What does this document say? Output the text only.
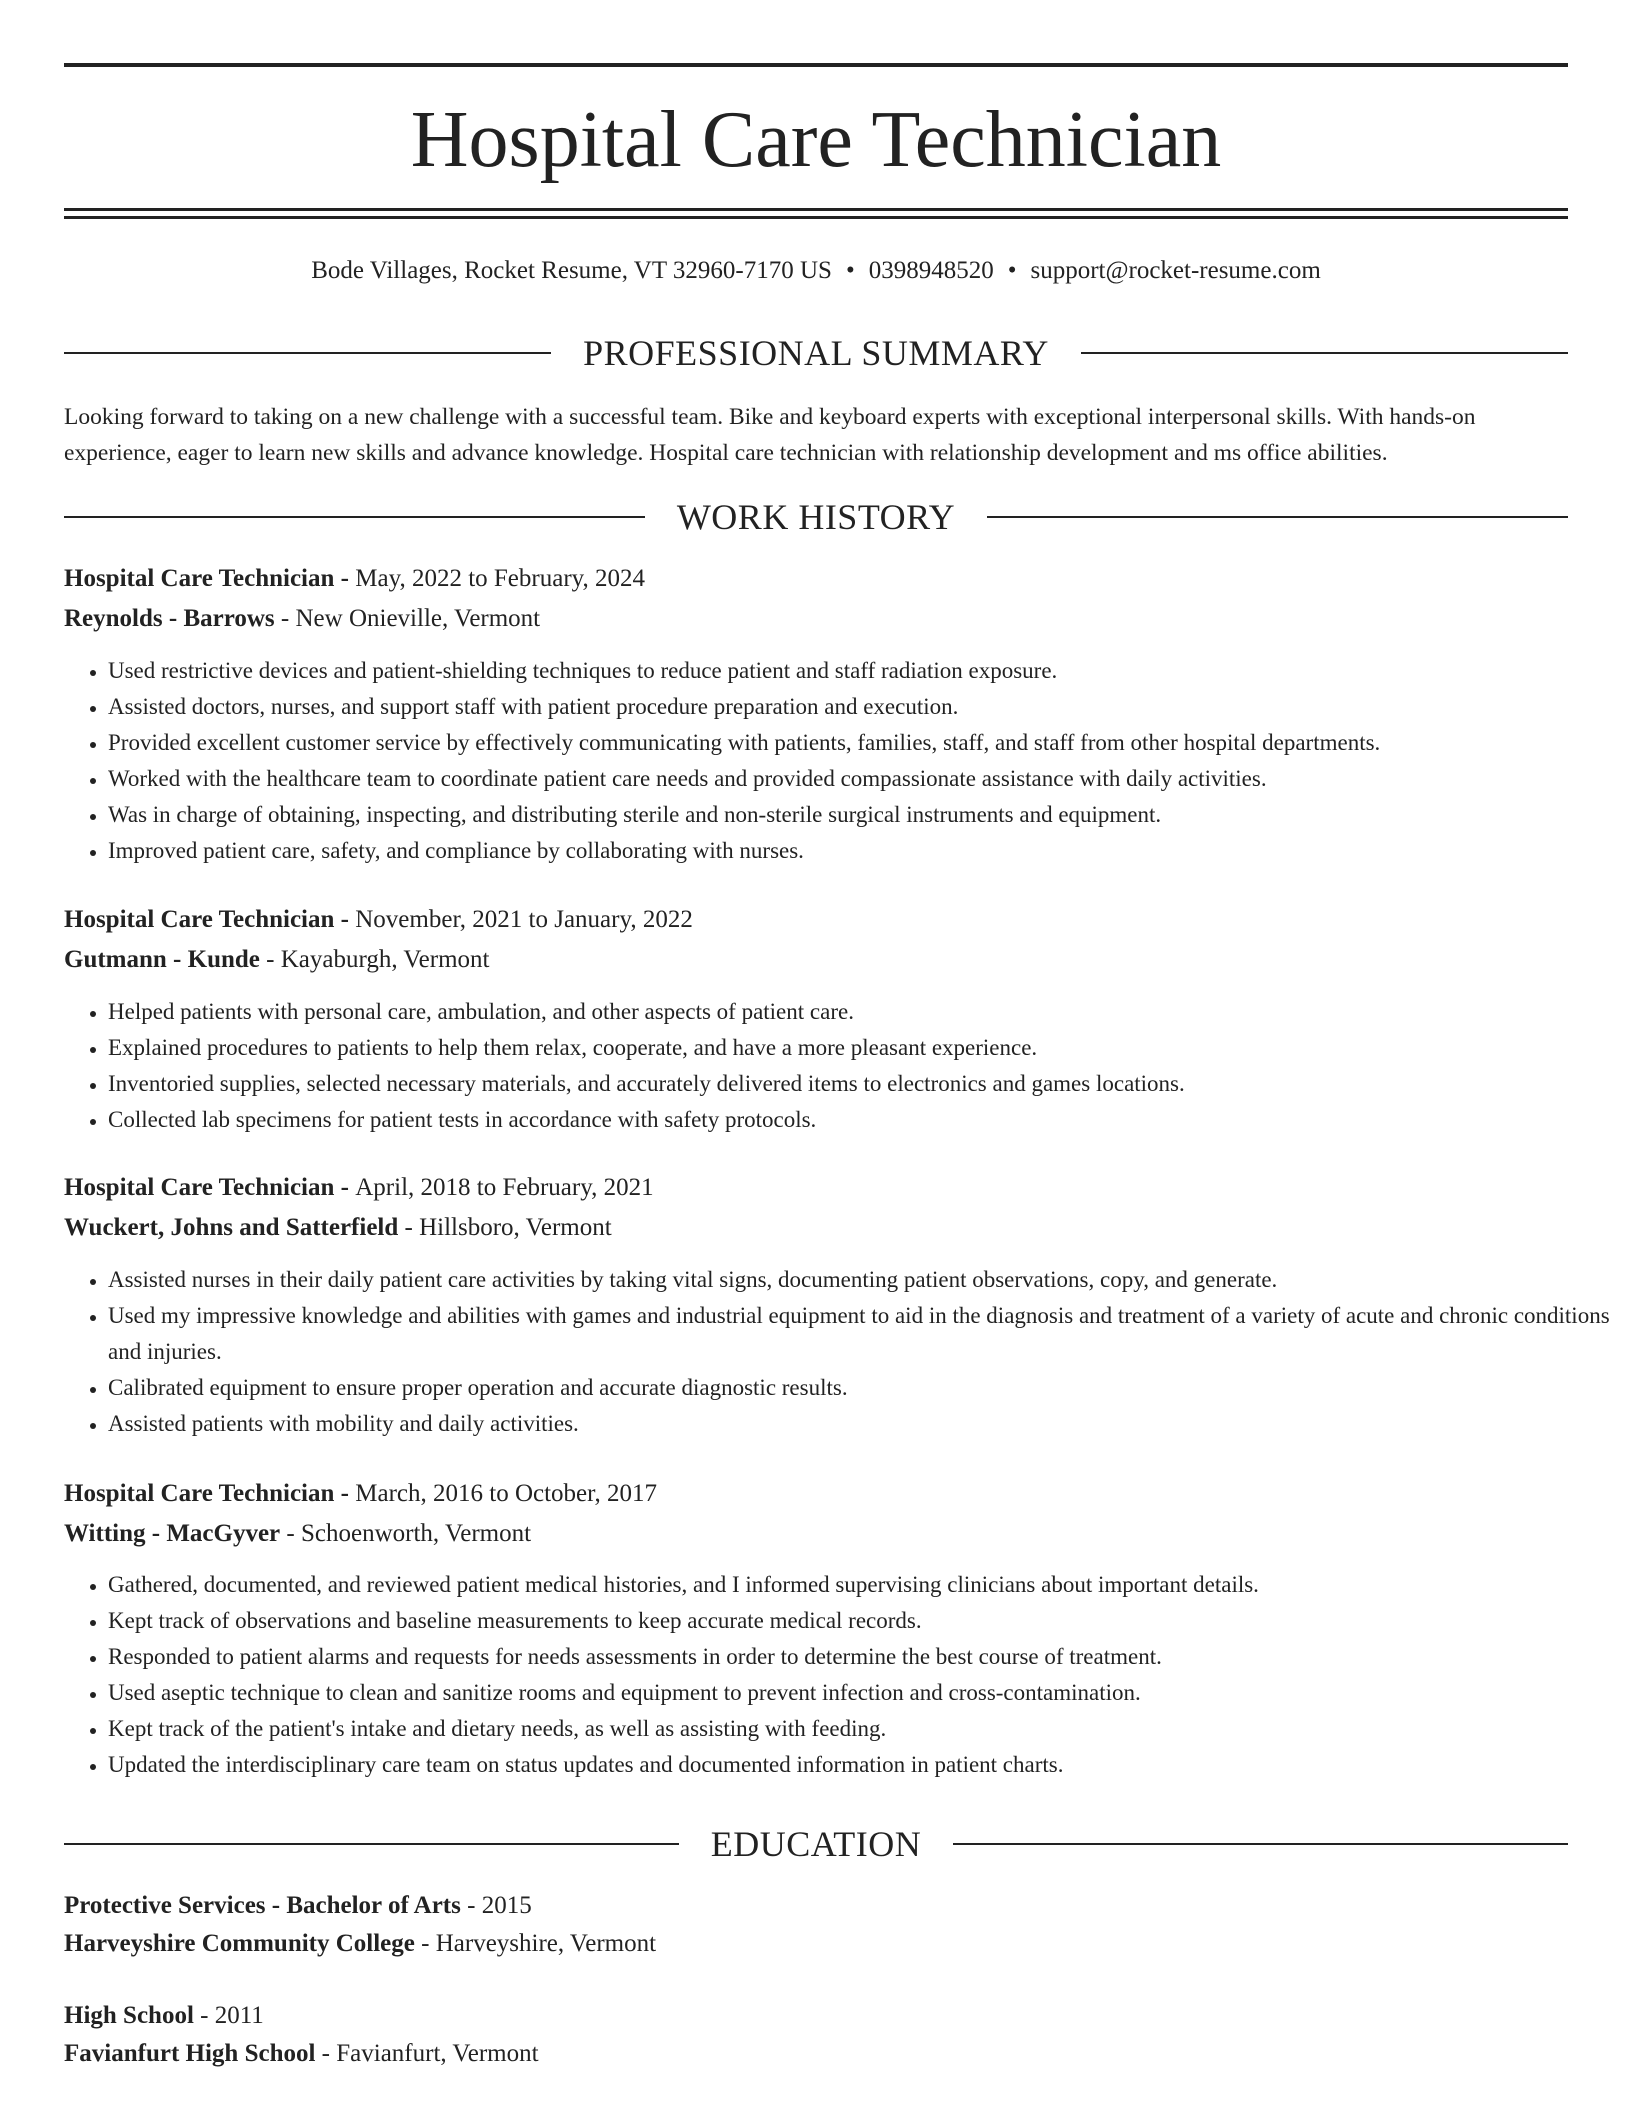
Hospital Care Technician
Bode Villages, Rocket Resume, VT 32960-7170 US • 0398948520 • support@rocket-resume.com
PROFESSIONAL SUMMARY

Looking forward to taking on a new challenge with a successful team. Bike and keyboard experts with exceptional interpersonal skills. With hands-on experience, eager to learn new skills and advance knowledge. Hospital care technician with relationship development and ms office abilities.

WORK HISTORY
Hospital Care Technician - May, 2022 to February, 2024
Reynolds - Barrows - New Onieville, Vermont
• Used restrictive devices and patient-shielding techniques to reduce patient and staff radiation exposure.
• Assisted doctors, nurses, and support staff with patient procedure preparation and execution.
• Provided excellent customer service by effectively communicating with patients, families, staff, and staff from other hospital departments.
• Worked with the healthcare team to coordinate patient care needs and provided compassionate assistance with daily activities.
• Was in charge of obtaining, inspecting, and distributing sterile and non-sterile surgical instruments and equipment.
• Improved patient care, safety, and compliance by collaborating with nurses.
Hospital Care Technician - November, 2021 to January, 2022
Gutmann - Kunde - Kayaburgh, Vermont
• Helped patients with personal care, ambulation, and other aspects of patient care.
• Explained procedures to patients to help them relax, cooperate, and have a more pleasant experience.
• Inventoried supplies, selected necessary materials, and accurately delivered items to electronics and games locations.
• Collected lab specimens for patient tests in accordance with safety protocols.
Hospital Care Technician - April, 2018 to February, 2021
Wuckert, Johns and Satterfield - Hillsboro, Vermont
• Assisted nurses in their daily patient care activities by taking vital signs, documenting patient observations, copy, and generate.
• Used my impressive knowledge and abilities with games and industrial equipment to aid in the diagnosis and treatment of a variety of acute and chronic conditions and injuries.
• Calibrated equipment to ensure proper operation and accurate diagnostic results.
• Assisted patients with mobility and daily activities.
Hospital Care Technician - March, 2016 to October, 2017
Witting - MacGyver - Schoenworth, Vermont
• Gathered, documented, and reviewed patient medical histories, and I informed supervising clinicians about important details.
• Kept track of observations and baseline measurements to keep accurate medical records.
• Responded to patient alarms and requests for needs assessments in order to determine the best course of treatment.
• Used aseptic technique to clean and sanitize rooms and equipment to prevent infection and cross-contamination.
• Kept track of the patient's intake and dietary needs, as well as assisting with feeding.
• Updated the interdisciplinary care team on status updates and documented information in patient charts.
EDUCATION
Protective Services - Bachelor of Arts - 2015
Harveyshire Community College - Harveyshire, Vermont
High School - 2011
Favianfurt High School - Favianfurt, Vermont
